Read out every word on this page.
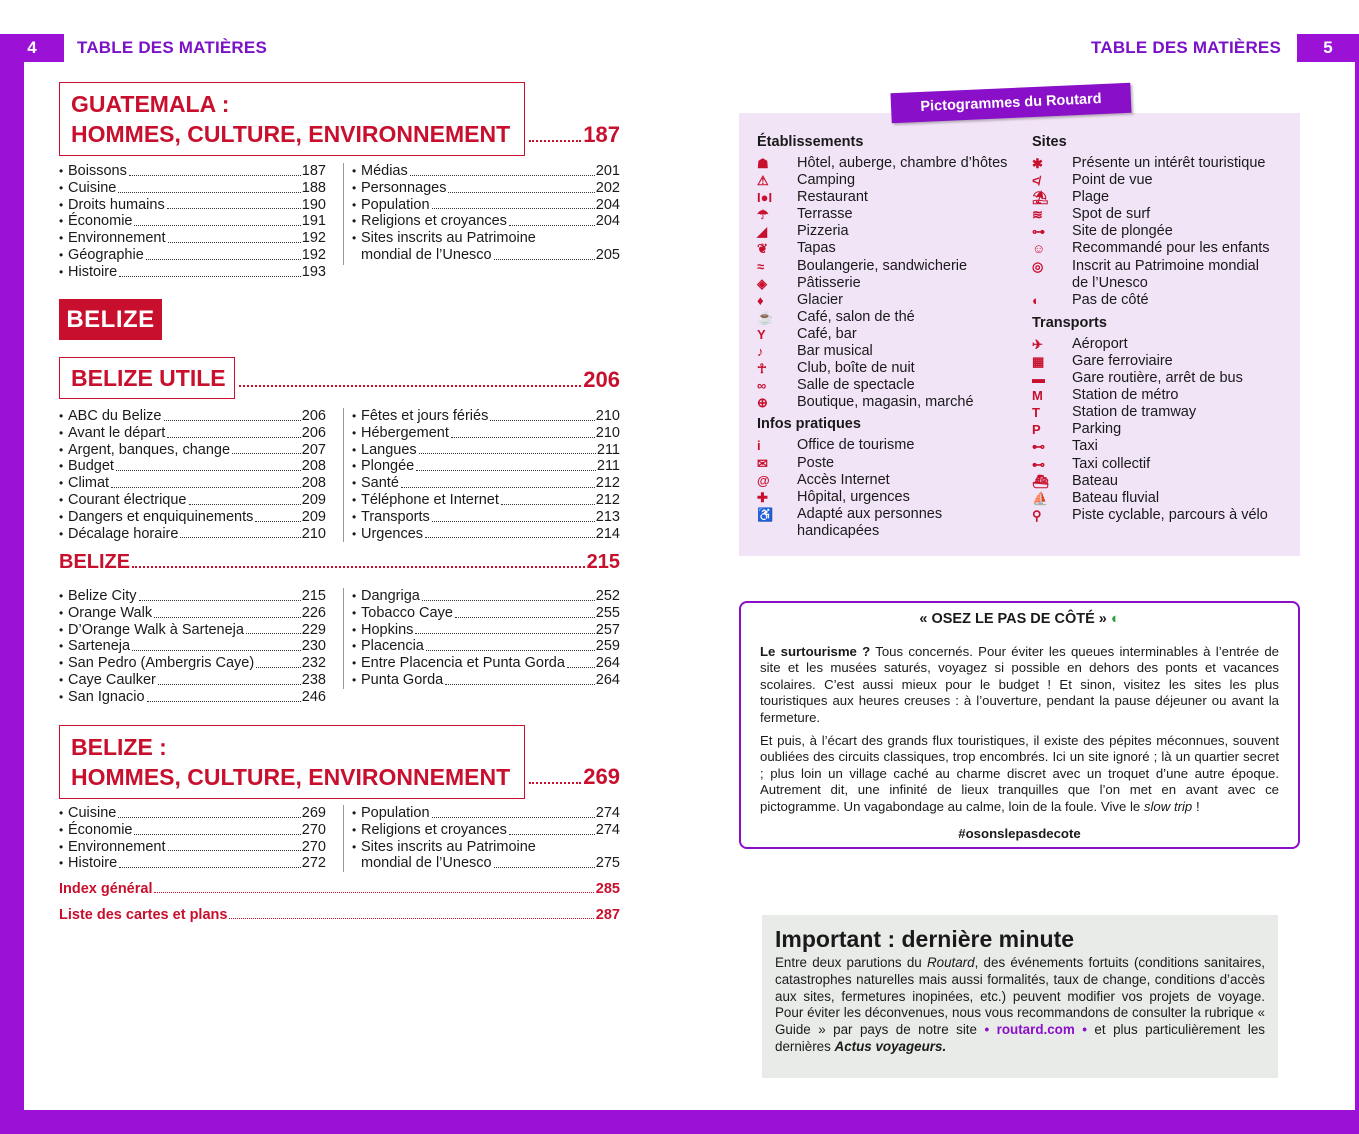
4	5
TABLE DES MATIÈRES	TABLE DES MATIÈRES
GUATEMALA :
HOMMES, CULTURE, ENVIRONNEMENT	187
• Boissons	187
• Cuisine	188
• Droits humains	190
• Économie	191
• Environnement	192
• Géographie	192
• Histoire	193
• Médias	201
• Personnages	202
• Population	204
• Religions et croyances	204
• Sites inscrits au Patrimoine
mondial de l’Unesco	205
BELIZE
BELIZE UTILE	206
• ABC du Belize	206
• Avant le départ	206
• Argent, banques, change	207
• Budget	208
• Climat	208
• Courant électrique	209
• Dangers et enquiquinements	209
• Décalage horaire	210
• Fêtes et jours fériés	210
• Hébergement	210
• Langues	211
• Plongée	211
• Santé	212
• Téléphone et Internet	212
• Transports	213
• Urgences	214
BELIZE	215
• Belize City	215
• Orange Walk	226
• D’Orange Walk à Sarteneja	229
• Sarteneja	230
• San Pedro (Ambergris Caye)	232
• Caye Caulker	238
• San Ignacio	246
• Dangriga	252
• Tobacco Caye	255
• Hopkins	257
• Placencia	259
• Entre Placencia et Punta Gorda 264
• Punta Gorda	264
BELIZE :
HOMMES, CULTURE, ENVIRONNEMENT	269
• Cuisine	269
• Économie	270
• Environnement	270
• Histoire	272
• Population	274
• Religions et croyances	274
• Sites inscrits au Patrimoine
mondial de l’Unesco	275
Index général	285
Liste des cartes et plans	287
Pictogrammes du Routard
Établissements
☗	Hôtel, auberge, chambre d’hôtes
⚠	Camping
I●I	Restaurant
☂	Terrasse
◢	Pizzeria
❦	Tapas
≈	Boulangerie, sandwicherie
◈	Pâtisserie
♦	Glacier
☕	Café, salon de thé
Y	Café, bar
♪	Bar musical
☥	Club, boîte de nuit
∞	Salle de spectacle
⊕	Boutique, magasin, marché
Infos pratiques
i	Office de tourisme
✉	Poste
@	Accès Internet
✚	Hôpital, urgences
♿	Adapté aux personnes
handicapées
Sites
✱	Présente un intérêt touristique
≮	Point de vue
⛱	Plage
≋	Spot de surf
⊶	Site de plongée
☺	Recommandé pour les enfants
◎	Inscrit au Patrimoine mondial
de l’Unesco
◐	Pas de côté
Transports
✈	Aéroport
▦	Gare ferroviaire
▬	Gare routière, arrêt de bus
M	Station de métro
T	Station de tramway
P	Parking
⊷	Taxi
⊷	Taxi collectif
⛴	Bateau
⛵	Bateau fluvial
⚲	Piste cyclable, parcours à vélo
« OSEZ LE PAS DE CÔTÉ » ◐
Le surtourisme ? Tous concernés. Pour éviter les queues interminables à l’entrée de site et les musées saturés, voyagez si possible en dehors des ponts et vacances scolaires. C’est aussi mieux pour le budget ! Et sinon, visitez les sites les plus touristiques aux heures creuses : à l’ouverture, pendant la pause déjeuner ou avant la fermeture.
Et puis, à l’écart des grands flux touristiques, il existe des pépites méconnues, souvent oubliées des circuits classiques, trop encombrés. Ici un site ignoré ; là un quartier secret ; plus loin un village caché au charme discret avec un troquet d’une autre époque. Autrement dit, une infinité de lieux tranquilles que l’on met en avant avec ce pictogramme. Un vagabondage au calme, loin de la foule. Vive le slow trip !
#osonslepasdecote
Important : dernière minute
Entre deux parutions du Routard, des événements fortuits (conditions sanitaires, catastrophes naturelles mais aussi formalités, taux de change, conditions d’accès aux sites, fermetures inopinées, etc.) peuvent modifier vos projets de voyage. Pour éviter les déconvenues, nous vous recommandons de consulter la rubrique « Guide » par pays de notre site • routard.com • et plus particulièrement les dernières Actus voyageurs.
